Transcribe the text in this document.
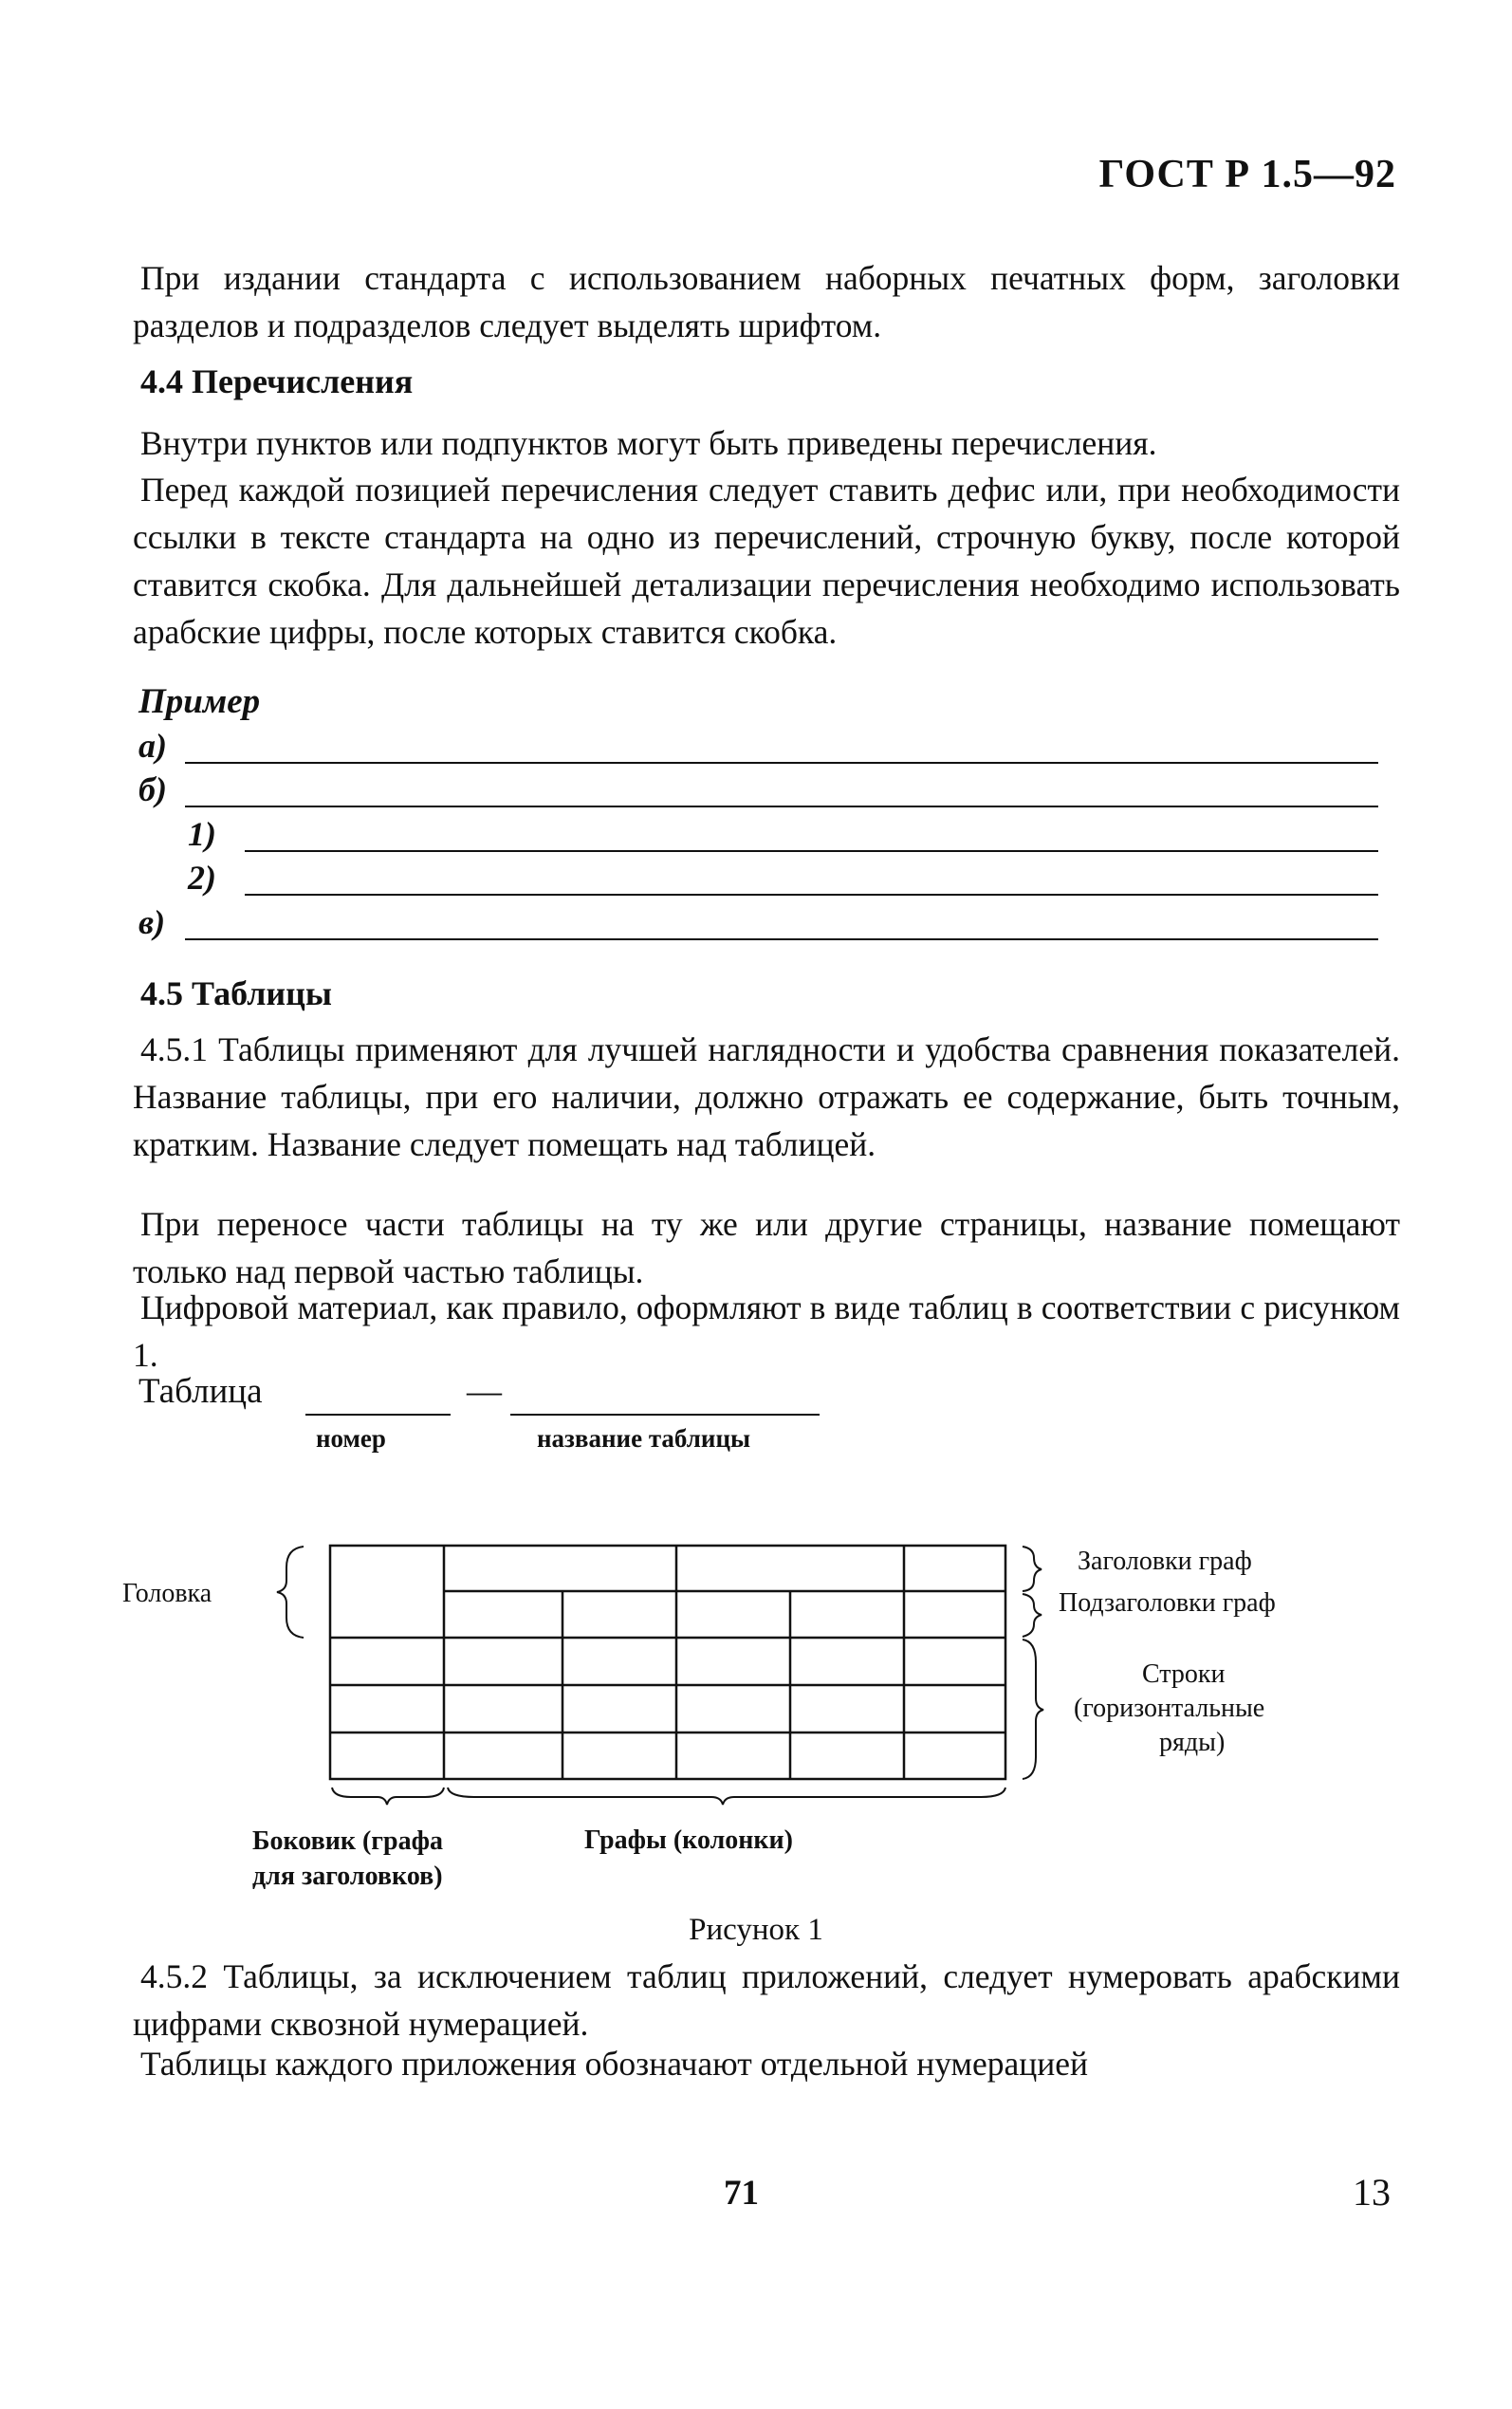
ГОСТ Р 1.5—92
При издании стандарта с использованием наборных печатных форм, заголовки разделов и подразделов следует выделять шрифтом.
4.4 Перечисления
Внутри пунктов или подпунктов могут быть приведены перечисления.
Перед каждой позицией перечисления следует ставить дефис или, при необходимости ссылки в тексте стандарта на одно из перечислений, строчную букву, после которой ставится скобка. Для дальнейшей детализации перечисления необходимо использовать арабские цифры, после которых ставится скобка.
Пример
а)
б)
1)
2)
в)
4.5 Таблицы
4.5.1 Таблицы применяют для лучшей наглядности и удобства сравнения показателей. Название таблицы, при его наличии, должно отражать ее содержание, быть точным, кратким. Название следует помещать над таблицей.
При переносе части таблицы на ту же или другие страницы, название помещают только над первой частью таблицы.
Цифровой материал, как правило, оформляют в виде таблиц в соответствии с рисунком 1.
Таблица	—
номер	название таблицы
Головка
Заголовки граф
Подзаголовки граф
Строки
(горизонтальные
ряды)
Боковик (графа
для заголовков)
Графы (колонки)
Рисунок 1
4.5.2 Таблицы, за исключением таблиц приложений, следует нумеровать арабскими цифрами сквозной нумерацией.
Таблицы каждого приложения обозначают отдельной нумерацией
71	13
